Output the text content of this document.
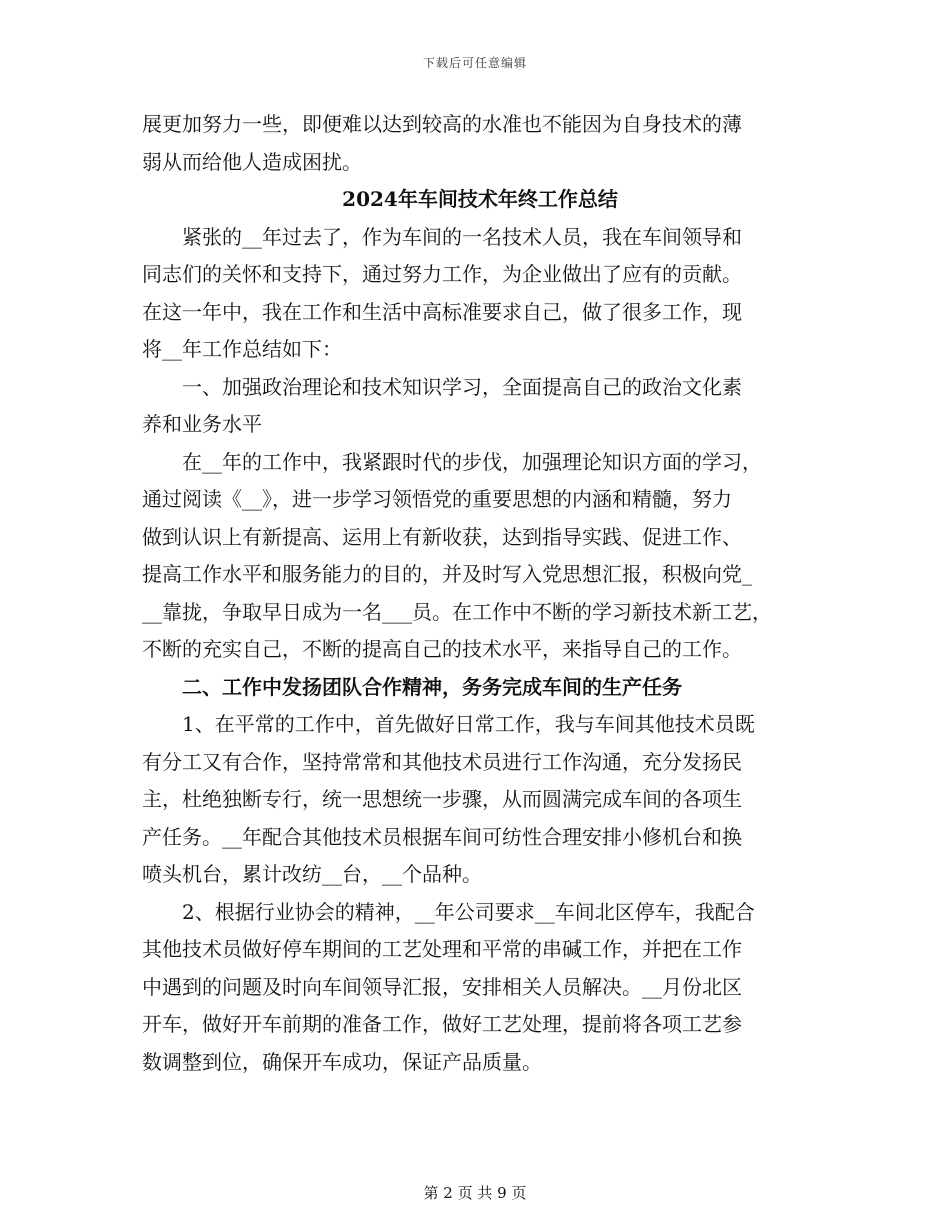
下载后可任意编辑
展更加努力一些，即便难以达到较高的水准也不能因为自身技术的薄
弱从而给他人造成困扰。
2024年车间技术年终工作总结
紧张的__年过去了，作为车间的一名技术人员，我在车间领导和
同志们的关怀和支持下，通过努力工作，为企业做出了应有的贡献。
在这一年中，我在工作和生活中高标准要求自己，做了很多工作，现
将__年工作总结如下：
一、加强政治理论和技术知识学习，全面提高自己的政治文化素
养和业务水平
在__年的工作中，我紧跟时代的步伐，加强理论知识方面的学习，
通过阅读《__》，进一步学习领悟党的重要思想的内涵和精髓，努力
做到认识上有新提高、运用上有新收获，达到指导实践、促进工作、
提高工作水平和服务能力的目的，并及时写入党思想汇报，积极向党_
__靠拢，争取早日成为一名___员。在工作中不断的学习新技术新工艺，
不断的充实自己，不断的提高自己的技术水平，来指导自己的工作。
二、工作中发扬团队合作精神，务务完成车间的生产任务
1、在平常的工作中，首先做好日常工作，我与车间其他技术员既
有分工又有合作，坚持常常和其他技术员进行工作沟通，充分发扬民
主，杜绝独断专行，统一思想统一步骤，从而圆满完成车间的各项生
产任务。__年配合其他技术员根据车间可纺性合理安排小修机台和换
喷头机台，累计改纺__台，__个品种。
2、根据行业协会的精神，__年公司要求__车间北区停车，我配合
其他技术员做好停车期间的工艺处理和平常的串碱工作，并把在工作
中遇到的问题及时向车间领导汇报，安排相关人员解决。__月份北区
开车，做好开车前期的准备工作，做好工艺处理，提前将各项工艺参
数调整到位，确保开车成功，保证产品质量。
第 2 页 共 9 页
